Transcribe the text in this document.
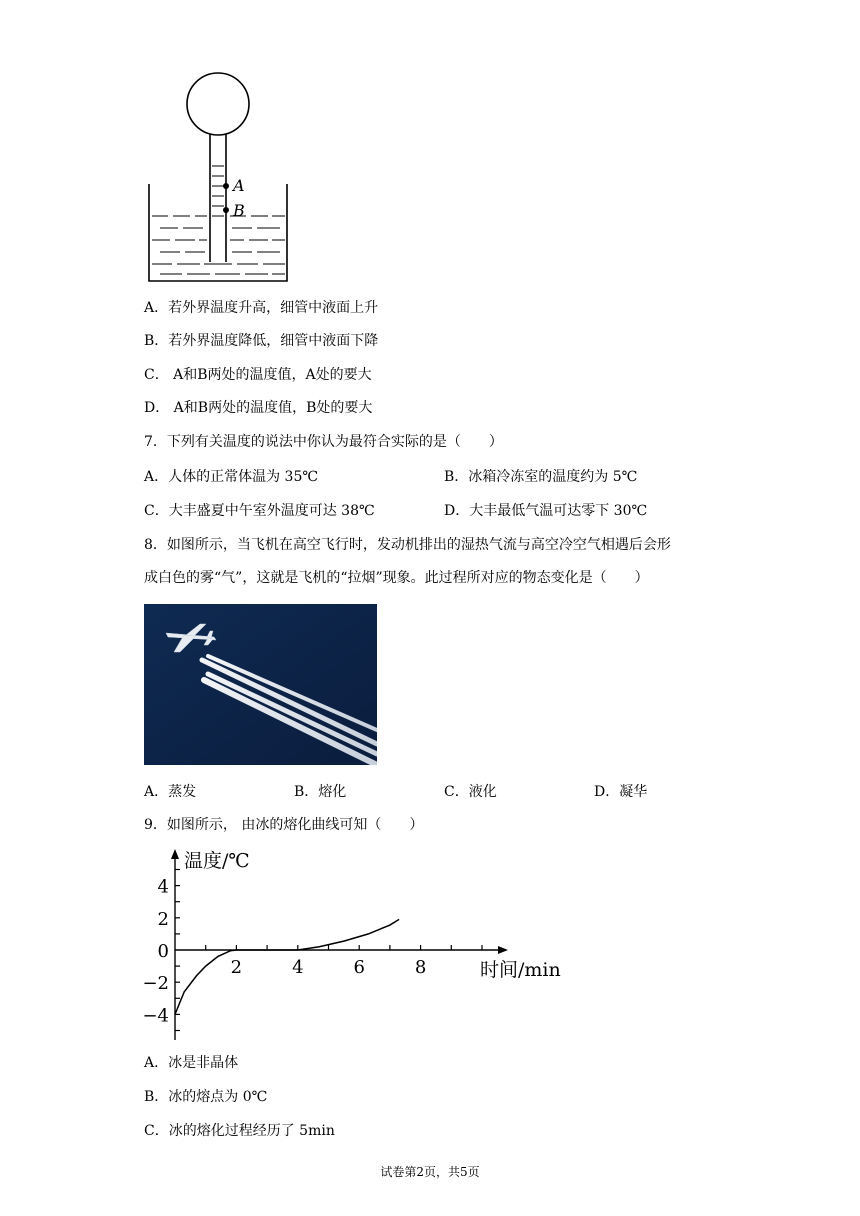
A
B
A．若外界温度升高，细管中液面上升
B．若外界温度降低，细管中液面下降
C． A和B两处的温度值，A处的要大
D． A和B两处的温度值，B处的要大
7．下列有关温度的说法中你认为最符合实际的是（　　）
A．人体的正常体温为 35℃	B．冰箱冷冻室的温度约为 5℃
C．大丰盛夏中午室外温度可达 38℃	D．大丰最低气温可达零下 30℃
8．如图所示，当飞机在高空飞行时，发动机排出的湿热气流与高空冷空气相遇后会形
成白色的雾“气”，这就是飞机的“拉烟”现象。此过程所对应的物态变化是（　　）
A．蒸发	B．熔化	C．液化	D．凝华
9．如图所示， 由冰的熔化曲线可知（　　）
温度/℃
时间/min
2	4	6	8
4
2
0
−2
−4
A．冰是非晶体
B．冰的熔点为 0℃
C．冰的熔化过程经历了 5min
试卷第2页，共5页
